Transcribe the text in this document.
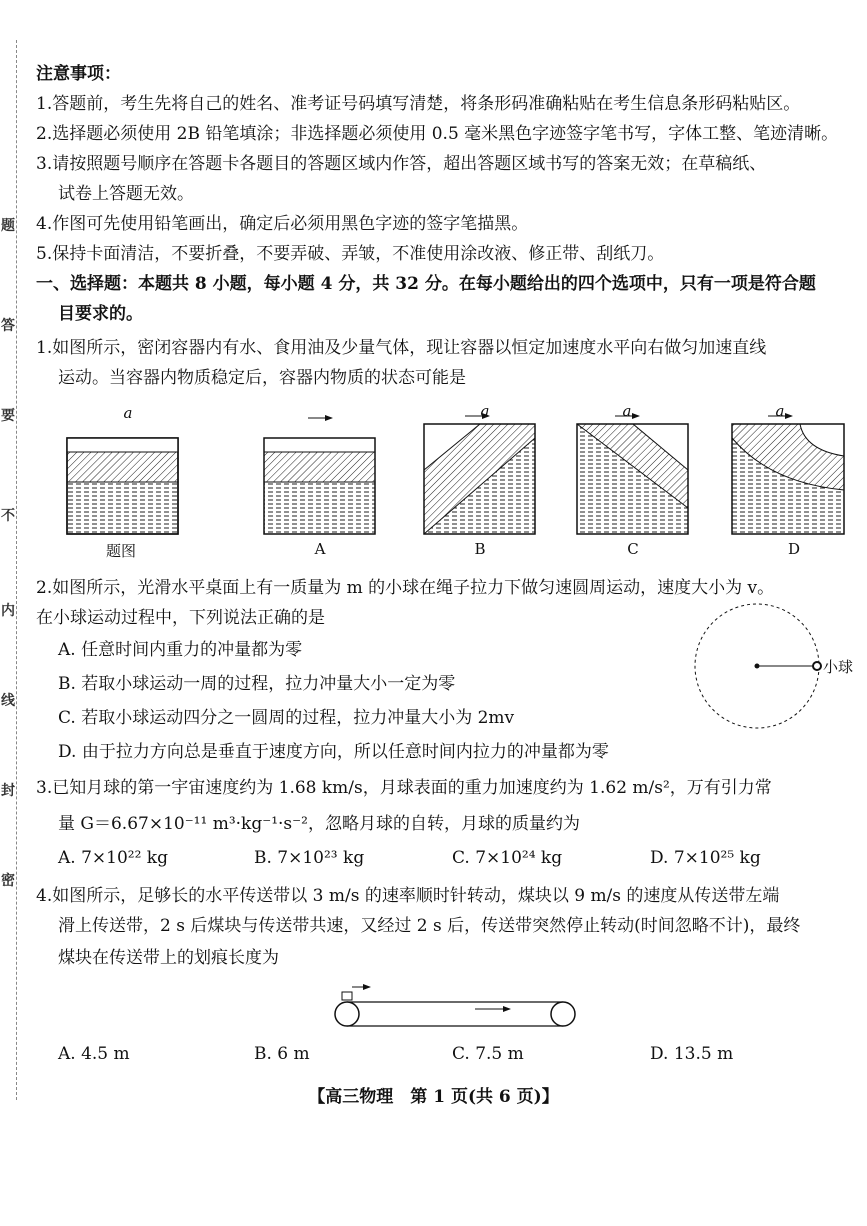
题
答
要
不
内
线
封
密
注意事项：
1.答题前，考生先将自己的姓名、准考证号码填写清楚，将条形码准确粘贴在考生信息条形码粘贴区。
2.选择题必须使用 2B 铅笔填涂；非选择题必须使用 0.5 毫米黑色字迹签字笔书写，字体工整、笔迹清晰。
3.请按照题号顺序在答题卡各题目的答题区域内作答，超出答题区域书写的答案无效；在草稿纸、
试卷上答题无效。
4.作图可先使用铅笔画出，确定后必须用黑色字迹的签字笔描黑。
5.保持卡面清洁，不要折叠，不要弄破、弄皱，不准使用涂改液、修正带、刮纸刀。
一、选择题：本题共 8 小题，每小题 4 分，共 32 分。在每小题给出的四个选项中，只有一项是符合题
目要求的。
1.如图所示，密闭容器内有水、食用油及少量气体，现让容器以恒定加速度水平向右做匀加速直线
运动。当容器内物质稳定后，容器内物质的状态可能是
a	a	a	a
题图	A	B	C	D
2.如图所示，光滑水平桌面上有一质量为 m 的小球在绳子拉力下做匀速圆周运动，速度大小为 v。
在小球运动过程中，下列说法正确的是
A. 任意时间内重力的冲量都为零
B. 若取小球运动一周的过程，拉力冲量大小一定为零
C. 若取小球运动四分之一圆周的过程，拉力冲量大小为 2mv
D. 由于拉力方向总是垂直于速度方向，所以任意时间内拉力的冲量都为零
小球
3.已知月球的第一宇宙速度约为 1.68 km/s，月球表面的重力加速度约为 1.62 m/s²，万有引力常
量 G＝6.67×10⁻¹¹ m³·kg⁻¹·s⁻²，忽略月球的自转，月球的质量约为
A. 7×10²² kg	B. 7×10²³ kg	C. 7×10²⁴ kg	D. 7×10²⁵ kg
4.如图所示，足够长的水平传送带以 3 m/s 的速率顺时针转动，煤块以 9 m/s 的速度从传送带左端
滑上传送带，2 s 后煤块与传送带共速，又经过 2 s 后，传送带突然停止转动(时间忽略不计)，最终
煤块在传送带上的划痕长度为
A. 4.5 m	B. 6 m	C. 7.5 m	D. 13.5 m
【高三物理　第 1 页(共 6 页)】
